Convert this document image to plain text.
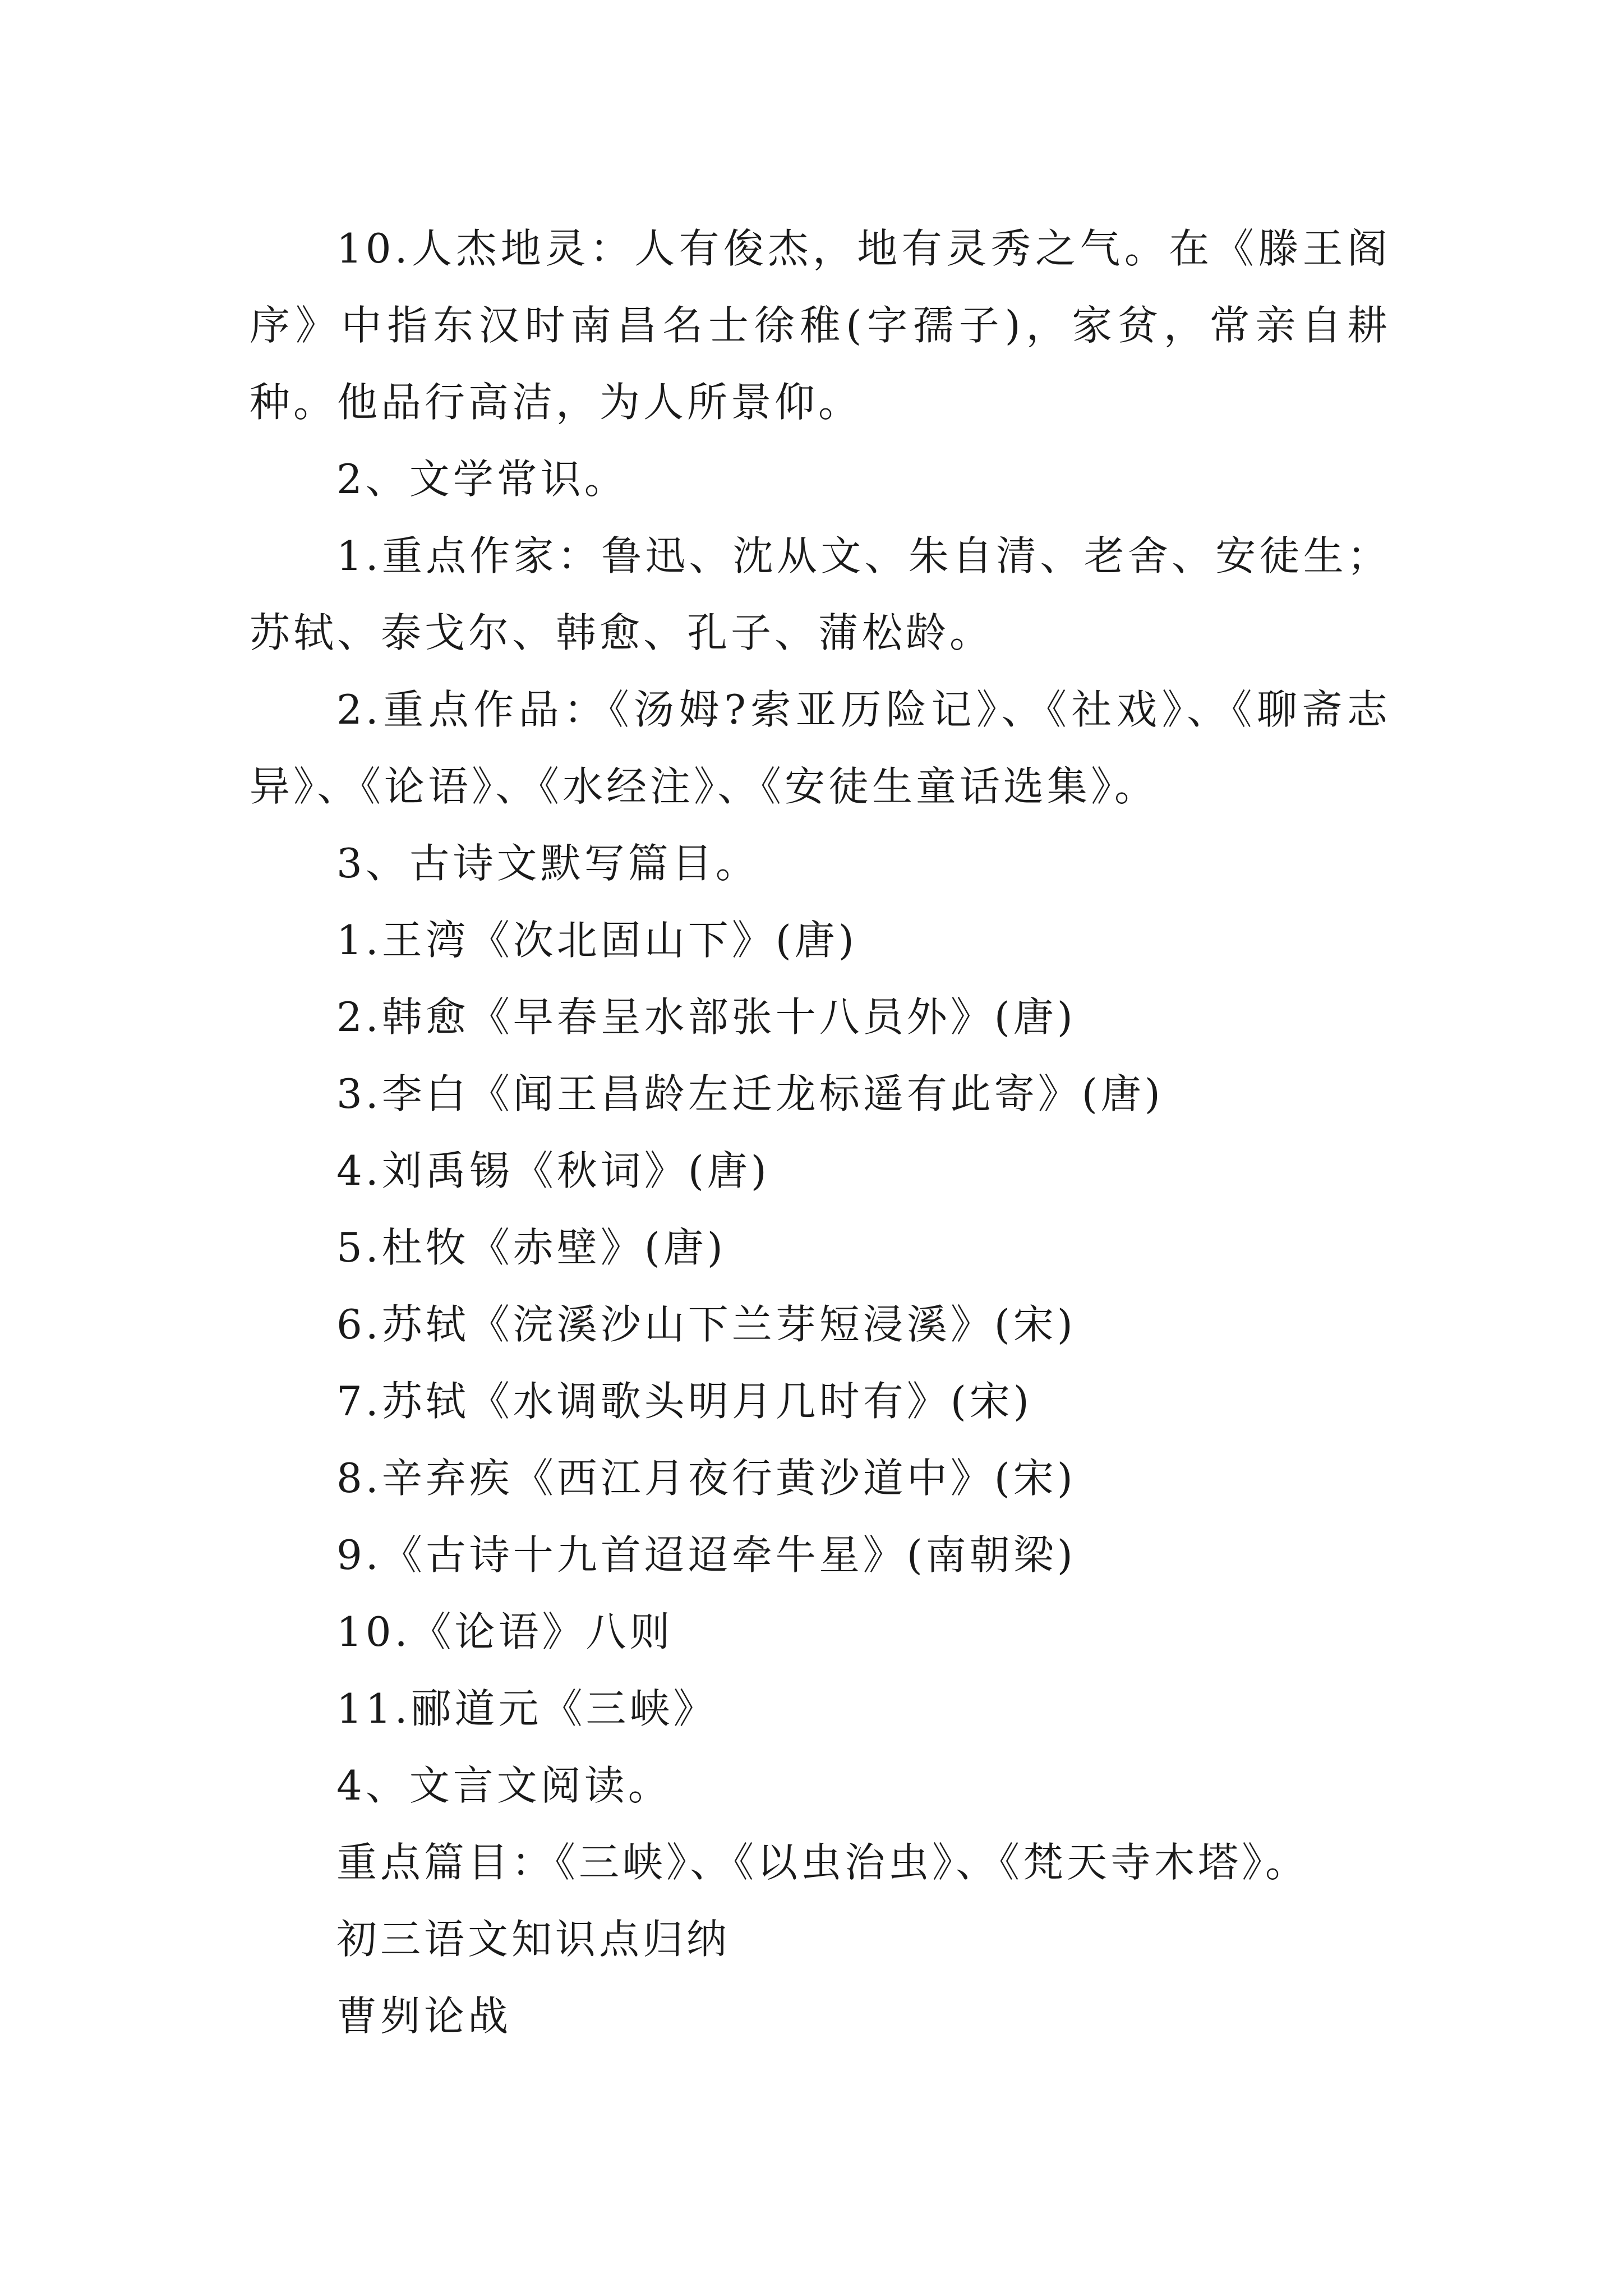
10.人杰地灵：人有俊杰，地有灵秀之气。在《滕王阁序》中指东汉时南昌名士徐稚(字孺子)，家贫，常亲自耕种。他品行高洁，为人所景仰。

2、文学常识。

1.重点作家：鲁迅、沈从文、朱自清、老舍、安徒生；苏轼、泰戈尔、韩愈、孔子、蒲松龄。

2.重点作品：《汤姆?索亚历险记》、《社戏》、《聊斋志异》、《论语》、《水经注》、《安徒生童话选集》。

3、古诗文默写篇目。

1.王湾《次北固山下》(唐)

2.韩愈《早春呈水部张十八员外》(唐)

3.李白《闻王昌龄左迁龙标遥有此寄》(唐)

4.刘禹锡《秋词》(唐)

5.杜牧《赤壁》(唐)

6.苏轼《浣溪沙山下兰芽短浸溪》(宋)

7.苏轼《水调歌头明月几时有》(宋)

8.辛弃疾《西江月夜行黄沙道中》(宋)

9.《古诗十九首迢迢牵牛星》(南朝梁)

10.《论语》八则

11.郦道元《三峡》

4、文言文阅读。

重点篇目：《三峡》、《以虫治虫》、《梵天寺木塔》。

初三语文知识点归纳

曹刿论战
